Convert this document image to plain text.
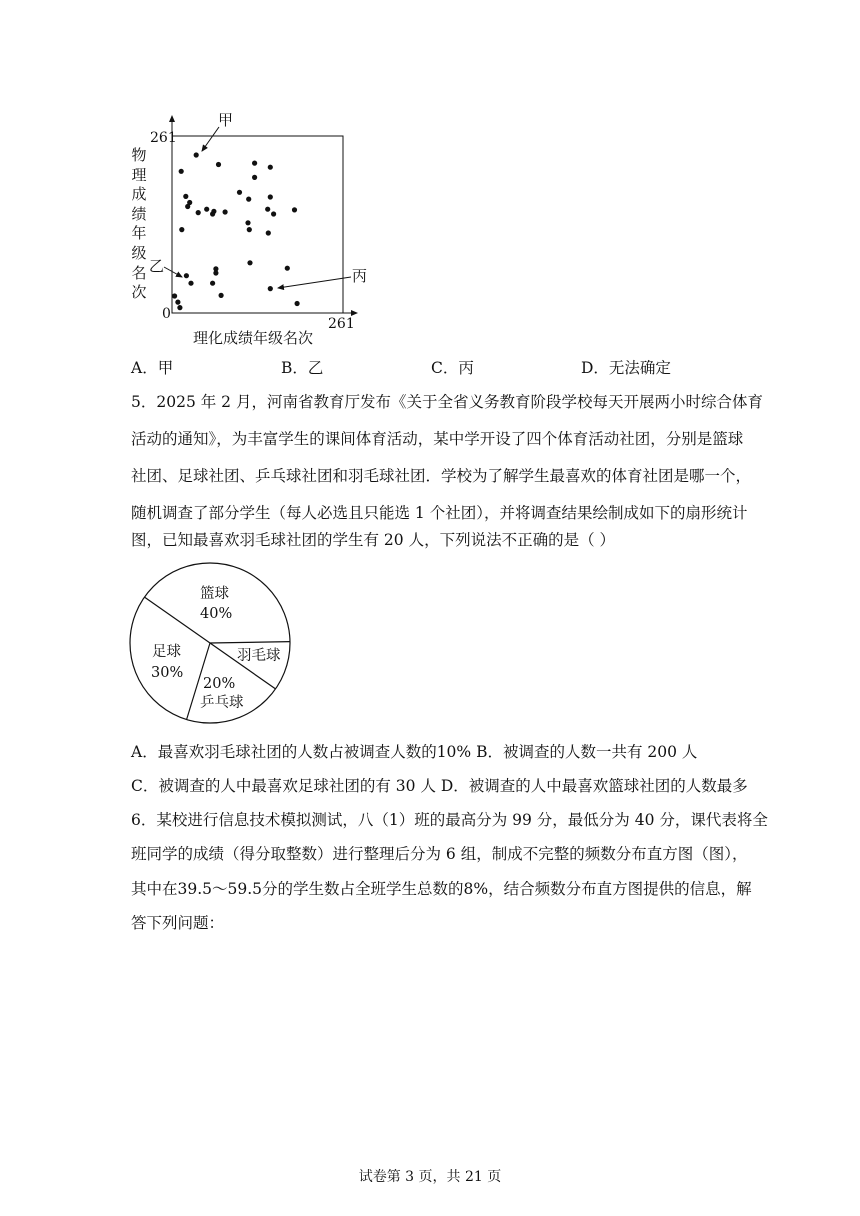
物
理
成
绩
年
级
名
次
261
0
261
理化成绩年级名次
甲
乙
丙
A．甲	B．乙	C．丙	D．无法确定
5．2025 年 2 月，河南省教育厅发布《关于全省义务教育阶段学校每天开展两小时综合体育
活动的通知》，为丰富学生的课间体育活动，某中学开设了四个体育活动社团，分别是篮球
社团、足球社团、乒乓球社团和羽毛球社团．学校为了解学生最喜欢的体育社团是哪一个，
随机调查了部分学生（每人必选且只能选 1 个社团），并将调查结果绘制成如下的扇形统计
图，已知最喜欢羽毛球社团的学生有 20 人，下列说法不正确的是（ ）
篮球
40%
足球
30%
羽毛球
20%
乒乓球
A．最喜欢羽毛球社团的人数占被调查人数的10% B．被调查的人数一共有 200 人
C．被调查的人中最喜欢足球社团的有 30 人 D．被调查的人中最喜欢篮球社团的人数最多
6．某校进行信息技术模拟测试，八（1）班的最高分为 99 分，最低分为 40 分，课代表将全
班同学的成绩（得分取整数）进行整理后分为 6 组，制成不完整的频数分布直方图（图），
其中在39.5～59.5分的学生数占全班学生总数的8%，结合频数分布直方图提供的信息，解
答下列问题：
试卷第 3 页，共 21 页
